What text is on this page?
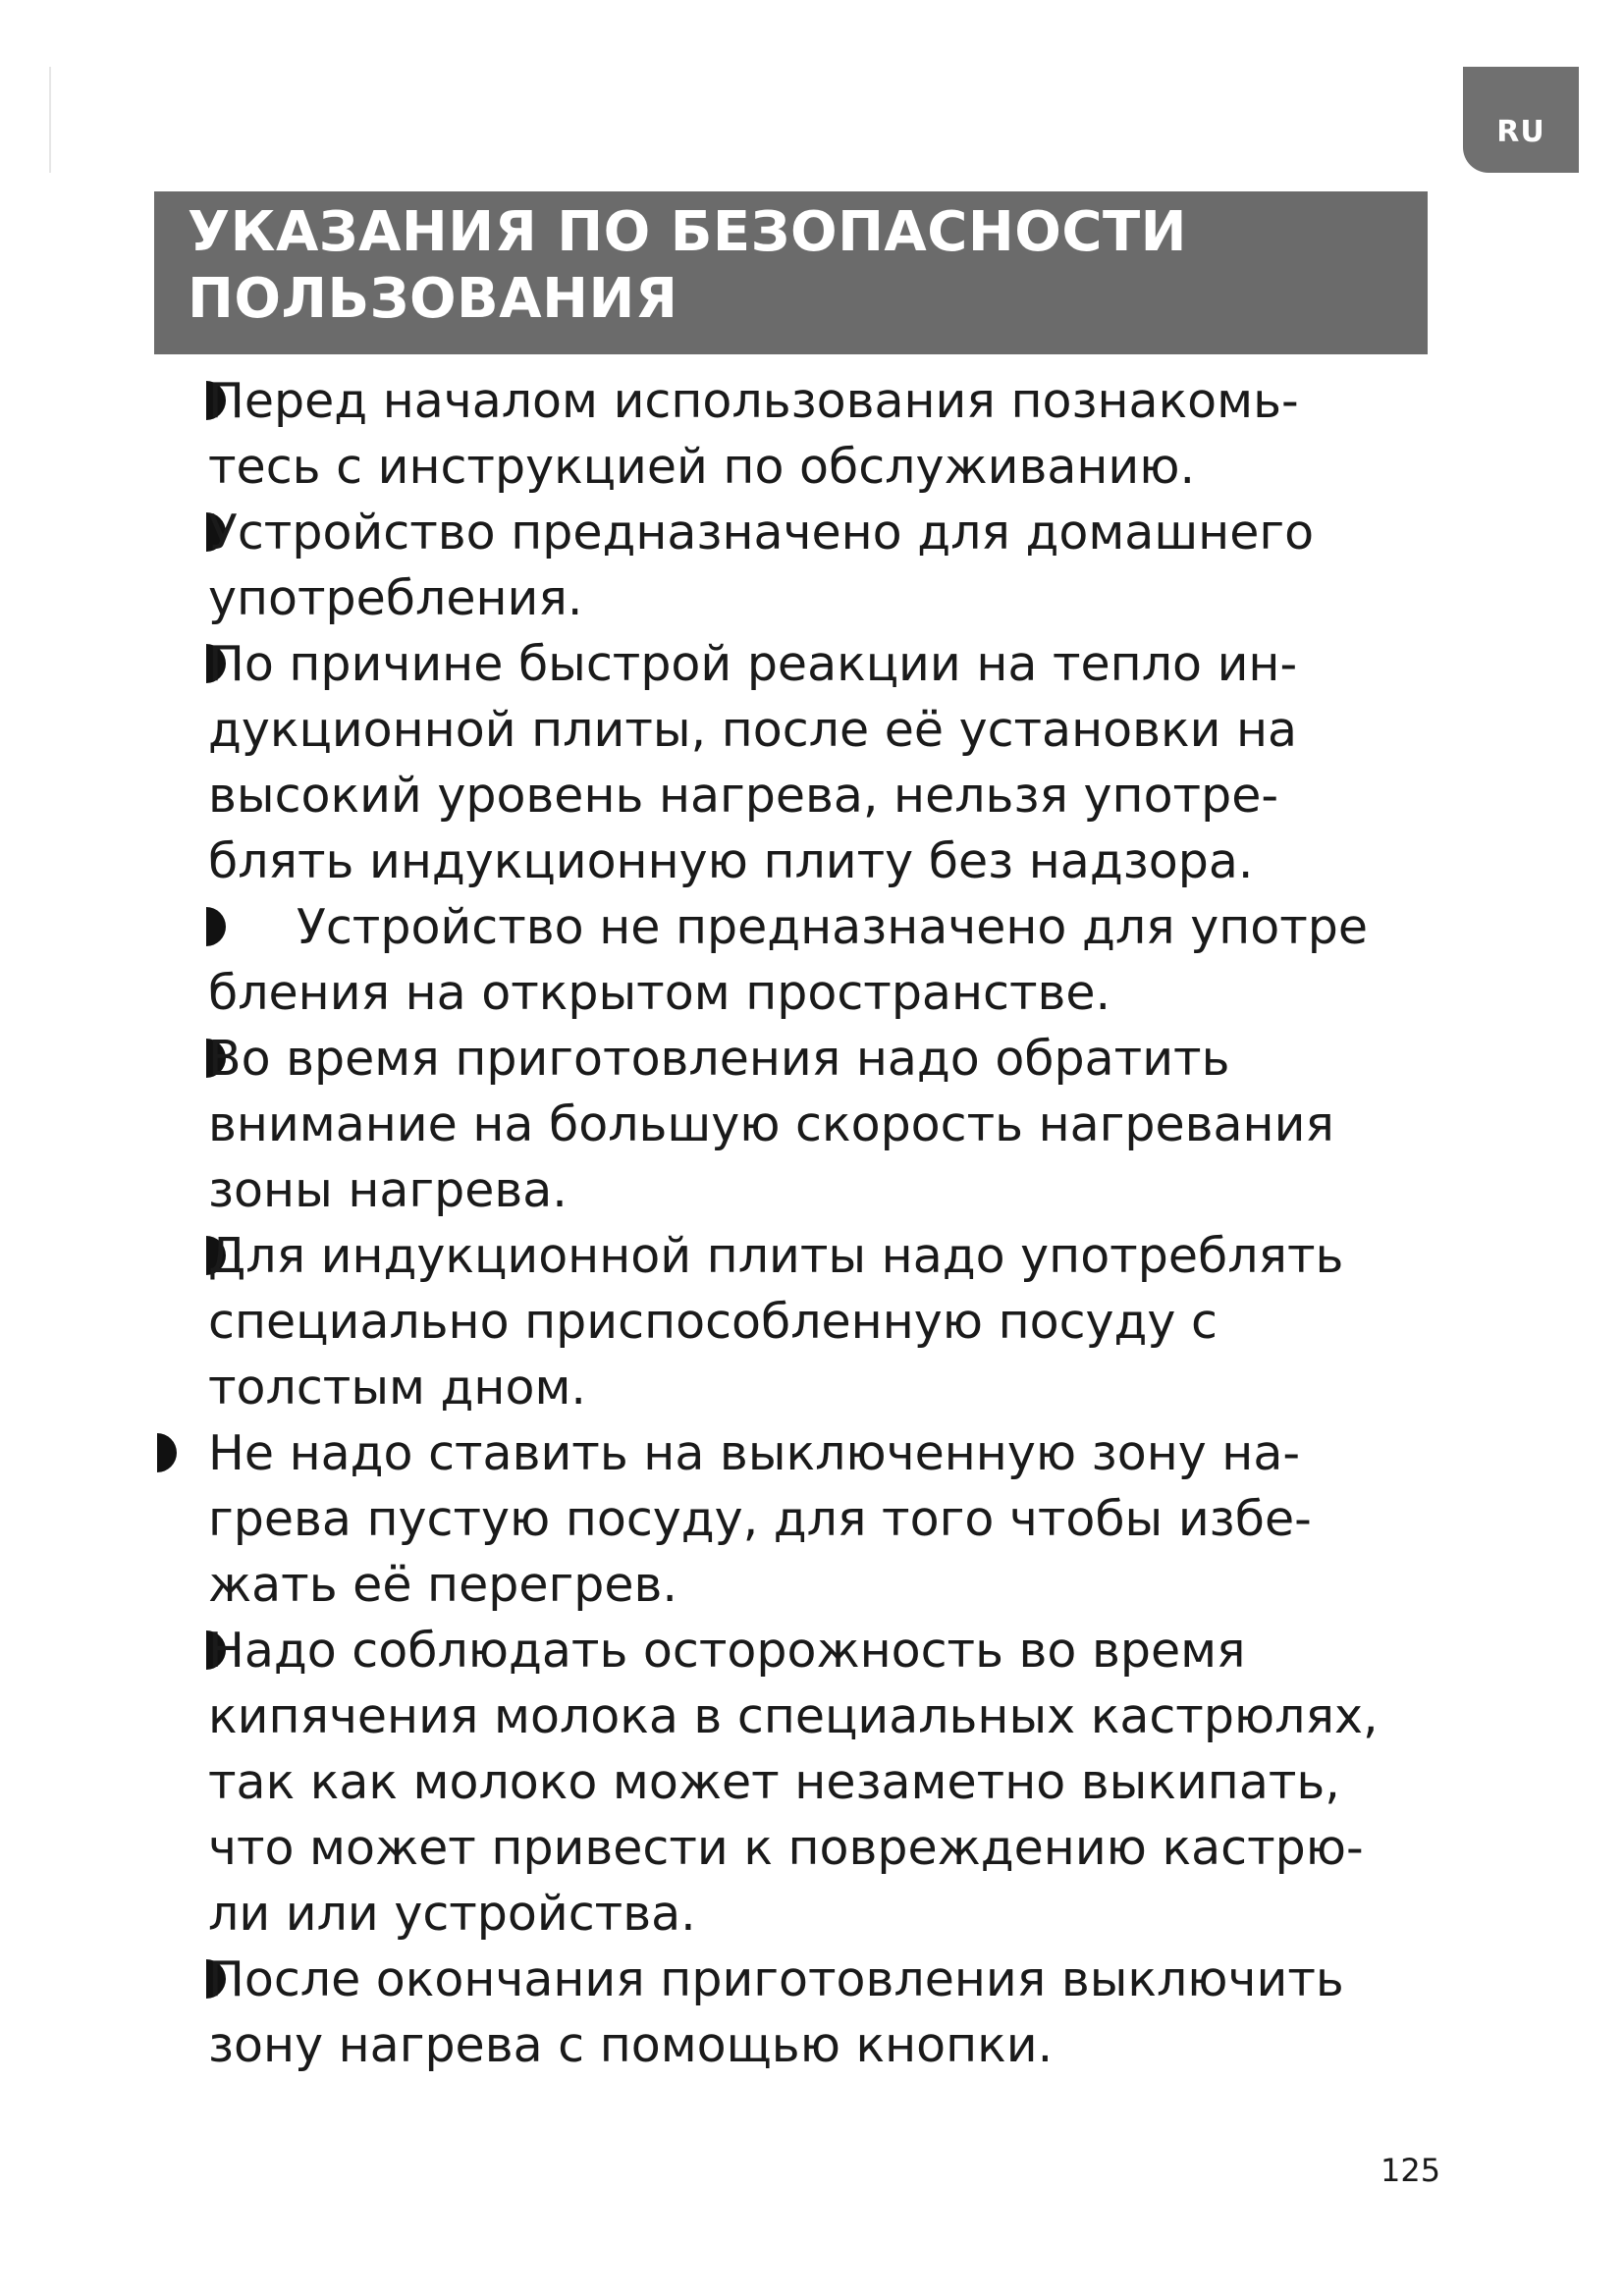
RU
УКАЗАНИЯ ПО БЕЗОПАСНОСТИ
ПОЛЬЗОВАНИЯ
Перед началом использования познакомь-
тесь с инструкцией по обслуживанию.
Устройство предназначено для домашнего
употребления.
По причине быстрой реакции на тепло ин-
дукционной плиты, после её установки на
высокий уровень нагрева, нельзя употре-
блять индукционную плиту без надзора.
Устройство не предназначено для употре
бления на открытом пространстве.
Во время приготовления надо обратить
внимание на большую скорость нагревания
зоны нагрева.
Для индукционной плиты надо употреблять
специально приспособленную посуду с
толстым дном.
Не надо ставить на выключенную зону на-
грева пустую посуду, для того чтобы избе-
жать её перегрев.
Надо соблюдать осторожность во время
кипячения молока в специальных кастрюлях,
так как молоко может незаметно выкипать,
что может привести к повреждению кастрю-
ли или устройства.
После окончания приготовления выключить
зону нагрева с помощью кнопки.
125
